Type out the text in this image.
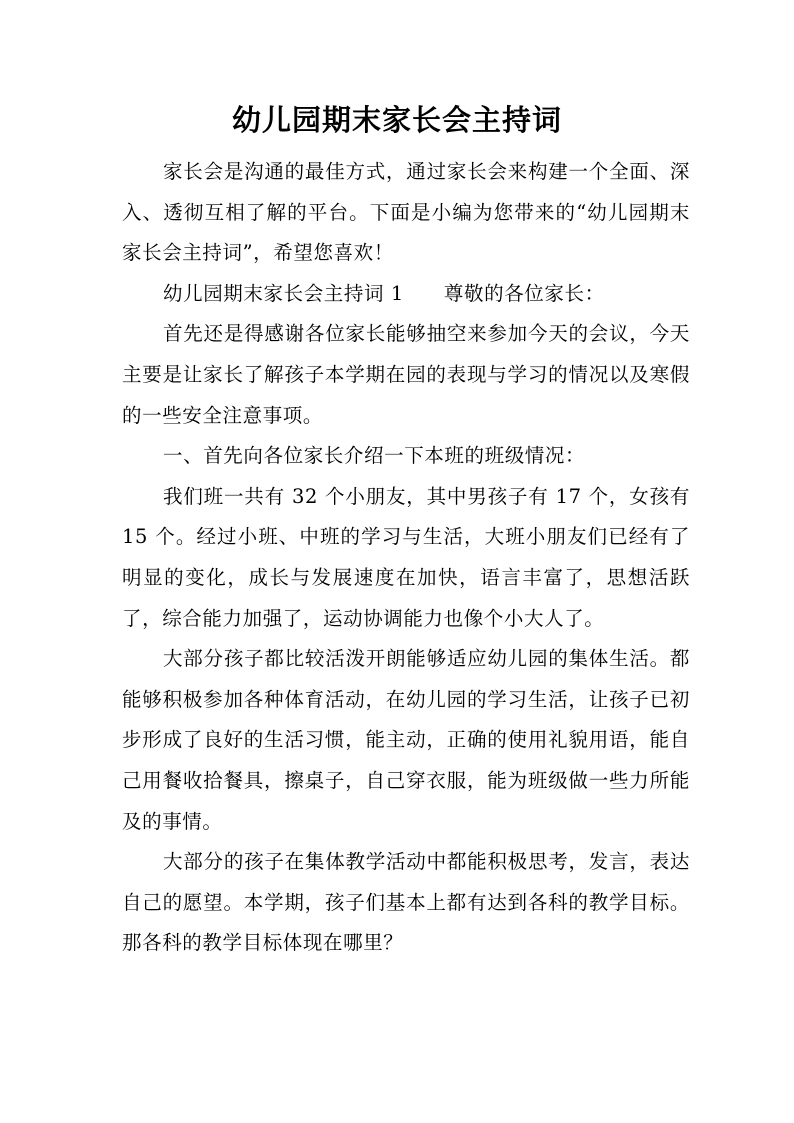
幼儿园期末家长会主持词

家长会是沟通的最佳方式，通过家长会来构建一个全面、深入、透彻互相了解的平台。下面是小编为您带来的“幼儿园期末家长会主持词”，希望您喜欢！

幼儿园期末家长会主持词 1 尊敬的各位家长：

首先还是得感谢各位家长能够抽空来参加今天的会议，今天主要是让家长了解孩子本学期在园的表现与学习的情况以及寒假的一些安全注意事项。

一、首先向各位家长介绍一下本班的班级情况：

我们班一共有 32 个小朋友，其中男孩子有 17 个，女孩有 15 个。经过小班、中班的学习与生活，大班小朋友们已经有了明显的变化，成长与发展速度在加快，语言丰富了，思想活跃了，综合能力加强了，运动协调能力也像个小大人了。

大部分孩子都比较活泼开朗能够适应幼儿园的集体生活。都能够积极参加各种体育活动，在幼儿园的学习生活，让孩子已初步形成了良好的生活习惯，能主动，正确的使用礼貌用语，能自己用餐收拾餐具，擦桌子，自己穿衣服，能为班级做一些力所能及的事情。

大部分的孩子在集体教学活动中都能积极思考，发言，表达自己的愿望。本学期，孩子们基本上都有达到各科的教学目标。那各科的教学目标体现在哪里？
